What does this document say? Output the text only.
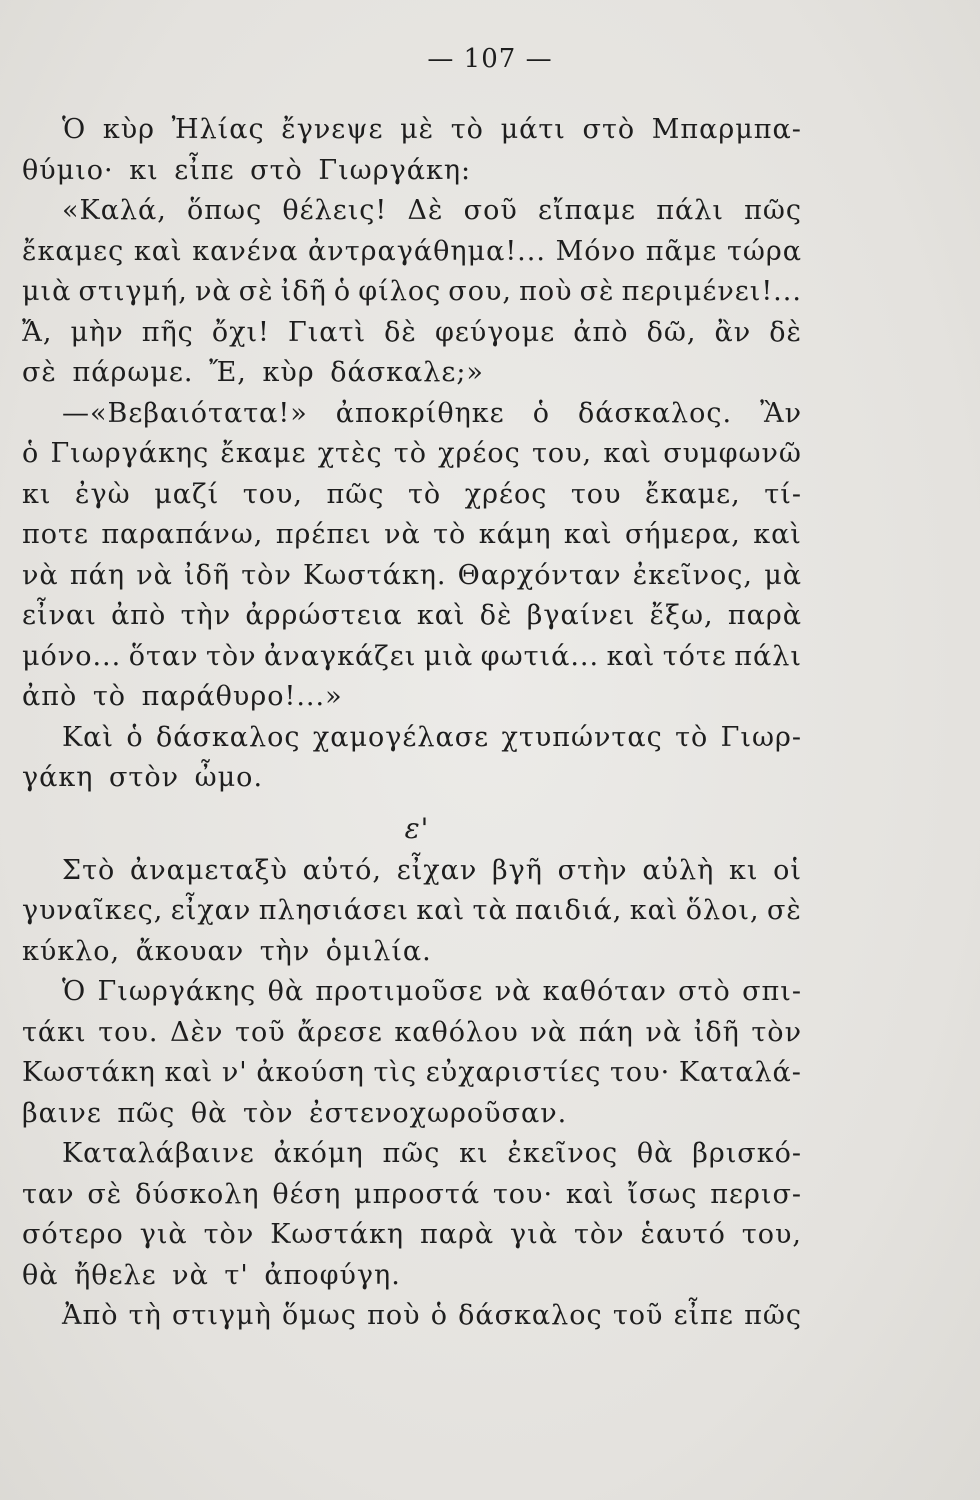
— 107 —
Ὁ κὺρ Ἠλίας ἔγνεψε μὲ τὸ μάτι στὸ Μπαρμπα-
θύμιο· κι εἶπε στὸ Γιωργάκη:
«Καλά, ὅπως θέλεις! Δὲ σοῦ εἴπαμε πάλι πῶς
ἔκαμες καὶ κανένα ἀντραγάθημα!... Μόνο πᾶμε τώρα
μιὰ στιγμή, νὰ σὲ ἰδῆ ὁ φίλος σου, ποὺ σὲ περιμένει!...
Ἄ, μὴν πῆς ὄχι! Γιατὶ δὲ φεύγομε ἀπὸ δῶ, ἂν δὲ
σὲ πάρωμε. Ἔ, κὺρ δάσκαλε;»
—«Βεβαιότατα!» ἀποκρίθηκε ὁ δάσκαλος. Ἂν
ὁ Γιωργάκης ἔκαμε χτὲς τὸ χρέος του, καὶ συμφωνῶ
κι ἐγὼ μαζί του, πῶς τὸ χρέος του ἔκαμε, τί-
ποτε παραπάνω, πρέπει νὰ τὸ κάμη καὶ σήμερα, καὶ
νὰ πάη νὰ ἰδῆ τὸν Κωστάκη. Θαρχόνταν ἐκεῖνος, μὰ
εἶναι ἀπὸ τὴν ἀρρώστεια καὶ δὲ βγαίνει ἔξω, παρὰ
μόνο... ὅταν τὸν ἀναγκάζει μιὰ φωτιά... καὶ τότε πάλι
ἀπὸ τὸ παράθυρο!...»
Καὶ ὁ δάσκαλος χαμογέλασε χτυπώντας τὸ Γιωρ-
γάκη στὸν ὦμο.
ε'
Στὸ ἀναμεταξὺ αὐτό, εἶχαν βγῆ στὴν αὐλὴ κι οἱ
γυναῖκες, εἶχαν πλησιάσει καὶ τὰ παιδιά, καὶ ὅλοι, σὲ
κύκλο, ἄκουαν τὴν ὁμιλία.
Ὁ Γιωργάκης θὰ προτιμοῦσε νὰ καθόταν στὸ σπι-
τάκι του. Δὲν τοῦ ἄρεσε καθόλου νὰ πάη νὰ ἰδῆ τὸν
Κωστάκη καὶ ν' ἀκούση τὶς εὐχαριστίες του· Καταλά-
βαινε πῶς θὰ τὸν ἐστενοχωροῦσαν.
Καταλάβαινε ἀκόμη πῶς κι ἐκεῖνος θὰ βρισκό-
ταν σὲ δύσκολη θέση μπροστά του· καὶ ἴσως περισ-
σότερο γιὰ τὸν Κωστάκη παρὰ γιὰ τὸν ἑαυτό του,
θὰ ἤθελε νὰ τ' ἀποφύγη.
Ἀπὸ τὴ στιγμὴ ὅμως ποὺ ὁ δάσκαλος τοῦ εἶπε πῶς
